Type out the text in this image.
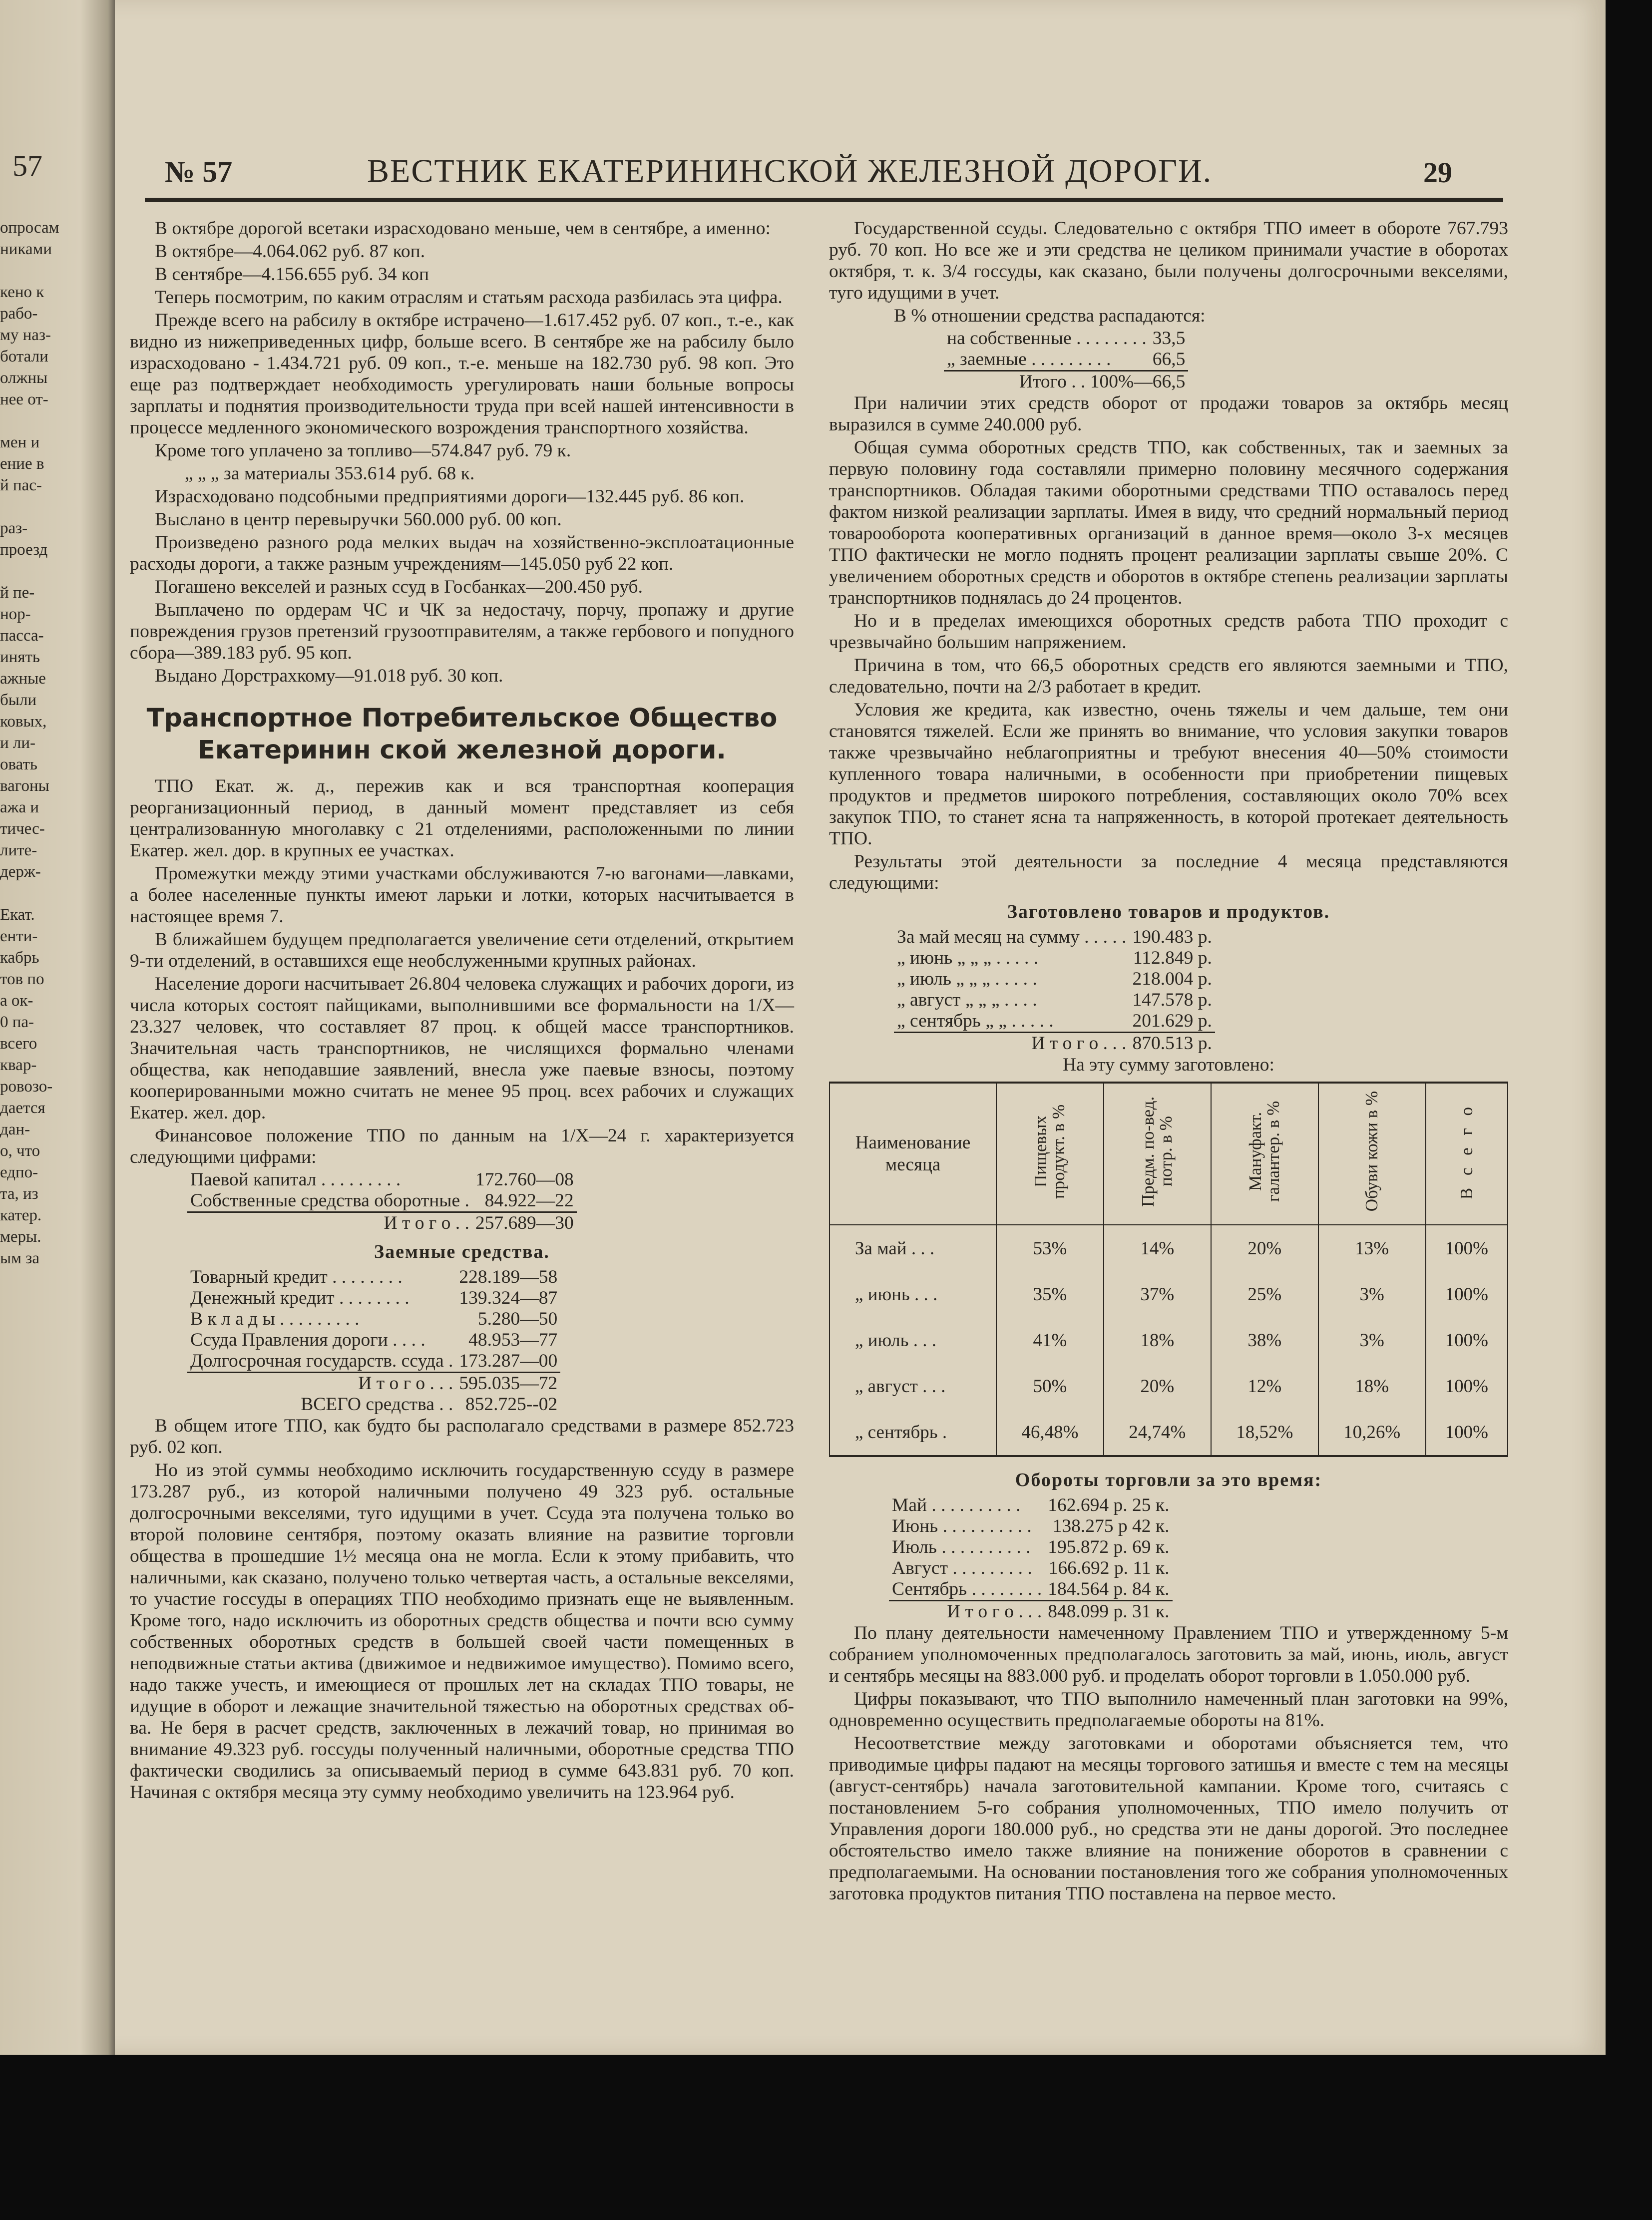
57
опросам
никами
кено к
рабо-
му наз-
ботали
олжны
нее от-
мен и
ение в
й пас-
раз-
проезд
й пе-
нор-
пасса-
инять
ажные
были
ковых,
и ли-
овать
вагоны
ажа и
тичес-
лите-
держ-
Екат.
енти-
кабрь
тов по
а ок-
0 па-
всего
квар-
ровозо-
дается
дан-
о, что
едпо-
та, из
катер.
меры.
ым за
№ 57	ВЕСТНИК ЕКАТЕРИНИНСКОЙ ЖЕЛЕЗНОЙ ДОРОГИ.	29

В октябре дорогой всетаки израсходовано меньше, чем в сентябре, а именно:

В октябре—4.064.062 руб. 87 коп.

В сентябре—4.156.655 руб. 34 коп

Теперь посмотрим, по каким отраслям и статьям расхода разбилась эта цифра.

Прежде всего на рабсилу в октябре истрачено—1.617.452 руб. 07 коп., т.-е., как видно из нижеприведенных цифр, больше всего. В сентябре же на рабсилу было израсходовано - 1.434.721 руб. 09 коп., т.-е. меньше на 182.730 руб. 98 коп. Это еще раз подтверждает необходимость урегулировать наши больные вопросы зарплаты и поднятия производительности труда при всей нашей интенсивности в процессе медленного экономического возрождения транспортного хозяйства.

Кроме того уплачено за топливо—574.847 руб. 79 к.

„ „ „ за материалы 353.614 руб. 68 к.

Израсходовано подсобными предприятиями дороги—132.445 руб. 86 коп.

Выслано в центр перевыручки 560.000 руб. 00 коп.

Произведено разного рода мелких выдач на хозяйственно-эксплоатационные расходы дороги, а также разным учреждениям—145.050 руб 22 коп.

Погашено векселей и разных ссуд в Госбанках—200.450 руб.

Выплачено по ордерам ЧС и ЧК за недостачу, порчу, пропажу и другие повреждения грузов претензий грузоотправителям, а также гербового и попудного сбора—389.183 руб. 95 коп.

Выдано Дорстрахкому—91.018 руб. 30 коп.

Транспортное Потребительское Общество Екатеринин ской железной дороги.

ТПО Екат. ж. д., пережив как и вся транспортная кооперация реорганизационный период, в данный момент представляет из себя централизованную многолавку с 21 отделениями, расположенными по линии Екатер. жел. дор. в крупных ее участках.

Промежутки между этими участками обслуживаются 7-ю вагонами—лавками, а более населенные пункты имеют ларьки и лотки, которых насчитывается в настоящее время 7.

В ближайшем будущем предполагается увеличение сети отделений, открытием 9-ти отделений, в оставшихся еще необслуженными крупных районах.

Население дороги насчитывает 26.804 человека служащих и рабочих дороги, из числа которых состоят пайщиками, выполнившими все формальности на 1/X—23.327 человек, что составляет 87 проц. к общей массе транспортников. Значительная часть транспортников, не числящихся формально членами общества, как неподавшие заявлений, внесла уже паевые взносы, поэтому кооперированными можно считать не менее 95 проц. всех рабочих и служащих Екатер. жел. дор.

Финансовое положение ТПО по данным на 1/X—24 г. характеризуется следующими цифрами:

Паевой капитал . . . . . . . . .	172.760—08
Собственные средства оборотные .	84.922—22
И т о г о . .	257.689—30
Заемные средства.
Товарный кредит . . . . . . . .	228.189—58
Денежный кредит . . . . . . . .	139.324—87
В к л а д ы . . . . . . . . .	5.280—50
Ссуда Правления дороги . . . .	48.953—77
Долгосрочная государств. ссуда .	173.287—00
И т о г о . . .	595.035—72
ВСЕГО средства . .	852.725--02

В общем итоге ТПО, как будто бы располагало средствами в размере 852.723 руб. 02 коп.

Но из этой суммы необходимо исключить государственную ссуду в размере 173.287 руб., из которой наличными получено 49 323 руб. остальные долгосрочными векселями, туго идущими в учет. Ссуда эта получена только во второй половине сентября, поэтому оказать влияние на развитие торговли общества в прошедшие 1½ месяца она не могла. Если к этому прибавить, что наличными, как сказано, получено только четвертая часть, а остальные векселями, то участие госсуды в операциях ТПО необходимо признать еще не выявленным. Кроме того, надо исключить из оборотных средств общества и почти всю сумму собственных оборотных средств в большей своей части помещенных в неподвижные статьи актива (движимое и недвижимое имущество). Помимо всего, надо также учесть, и имеющиеся от прошлых лет на складах ТПО товары, не идущие в оборот и лежащие значительной тяжестью на оборотных средствах об-ва. Не беря в расчет средств, заключенных в лежачий товар, но принимая во внимание 49.323 руб. госсуды полученный наличными, оборотные средства ТПО фактически сводились за описываемый период в сумме 643.831 руб. 70 коп. Начиная с октября месяца эту сумму необходимо увеличить на 123.964 руб.

Государственной ссуды. Следовательно с октября ТПО имеет в обороте 767.793 руб. 70 коп. Но все же и эти средства не целиком принимали участие в оборотах октября, т. к. 3/4 госсуды, как сказано, были получены долгосрочными векселями, туго идущими в учет.

В % отношении средства распадаются:

на собственные . . . . . . . .	33,5
„ заемные . . . . . . . . .	66,5
Итого . . 100%—66,5	

При наличии этих средств оборот от продажи товаров за октябрь месяц выразился в сумме 240.000 руб.

Общая сумма оборотных средств ТПО, как собственных, так и заемных за первую половину года составляли примерно половину месячного содержания транспортников. Обладая такими оборотными средствами ТПО оставалось перед фактом низкой реализации зарплаты. Имея в виду, что средний нормальный период товарооборота кооперативных организаций в данное время—около 3-х месяцев ТПО фактически не могло поднять процент реализации зарплаты свыше 20%. С увеличением оборотных средств и оборотов в октябре степень реализации зарплаты транспортников поднялась до 24 процентов.

Но и в пределах имеющихся оборотных средств работа ТПО проходит с чрезвычайно большим напряжением.

Причина в том, что 66,5 оборотных средств его являются заемными и ТПО, следовательно, почти на 2/3 работает в кредит.

Условия же кредита, как известно, очень тяжелы и чем дальше, тем они становятся тяжелей. Если же принять во внимание, что условия закупки товаров также чрезвычайно неблагоприятны и требуют внесения 40—50% стоимости купленного товара наличными, в особенности при приобретении пищевых продуктов и предметов широкого потребления, составляющих около 70% всех закупок ТПО, то станет ясна та напряженность, в которой протекает деятельность ТПО.

Результаты этой деятельности за последние 4 месяца представляются следующими:

Заготовлено товаров и продуктов.
За май месяц на сумму . . . . .	190.483 р.
„ июнь „ „ „ . . . . .	112.849 р.
„ июль „ „ „ . . . . .	218.004 р.
„ август „ „ „ . . . .	147.578 р.
„ сентябрь „ „ . . . . .	201.629 р.
И т о г о . . .	870.513 р.

На эту сумму заготовлено:

Наименование месяца	Пищевых продукт. в %	Предм. по-вед. потр. в %	Мануфакт. галантер. в %	Обуви кожи в %	В с е г о
За май . . .	53%	14%	20%	13%	100%
„ июнь . . .	35%	37%	25%	3%	100%
„ июль . . .	41%	18%	38%	3%	100%
„ август . . .	50%	20%	12%	18%	100%
„ сентябрь .	46,48%	24,74%	18,52%	10,26%	100%
Обороты торговли за это время:
Май . . . . . . . . . .	162.694 р. 25 к.
Июнь . . . . . . . . . .	138.275 р 42 к.
Июль . . . . . . . . . .	195.872 р. 69 к.
Август . . . . . . . . .	166.692 р. 11 к.
Сентябрь . . . . . . . .	184.564 р. 84 к.
И т о г о . . .	848.099 р. 31 к.

По плану деятельности намеченному Правлением ТПО и утвержденному 5-м собранием уполномоченных предполагалось заготовить за май, июнь, июль, август и сентябрь месяцы на 883.000 руб. и проделать оборот торговли в 1.050.000 руб.

Цифры показывают, что ТПО выполнило намеченный план заготовки на 99%, одновременно осуществить предполагаемые обороты на 81%.

Несоответствие между заготовками и оборотами объясняется тем, что приводимые цифры падают на месяцы торгового затишья и вместе с тем на месяцы (август-сентябрь) начала заготовительной кампании. Кроме того, считаясь с постановлением 5-го собрания уполномоченных, ТПО имело получить от Управления дороги 180.000 руб., но средства эти не даны дорогой. Это последнее обстоятельство имело также влияние на понижение оборотов в сравнении с предполагаемыми. На основании постановления того же собрания уполномоченных заготовка продуктов питания ТПО поставлена на первое место.
